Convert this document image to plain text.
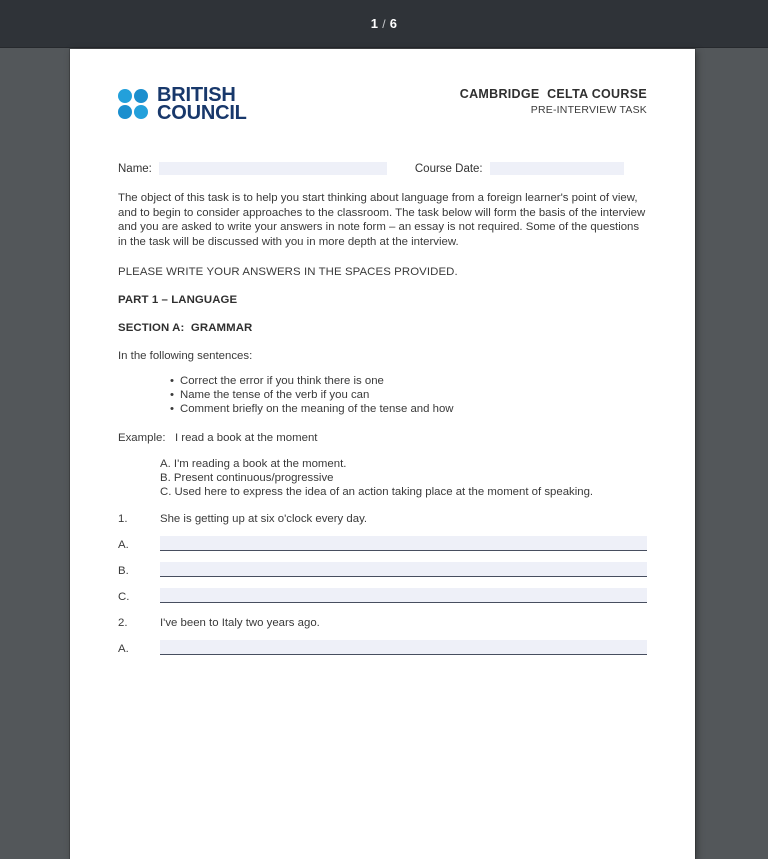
1 / 6
BRITISH
COUNCIL
CAMBRIDGE  CELTA COURSE
PRE-INTERVIEW TASK
Name:	Course Date:
The object of this task is to help you start thinking about language from a foreign learner's point of view, and to begin to consider approaches to the classroom. The task below will form the basis of the interview and you are asked to write your answers in note form – an essay is not required. Some of the questions in the task will be discussed with you in more depth at the interview.
PLEASE WRITE YOUR ANSWERS IN THE SPACES PROVIDED.
PART 1 – LANGUAGE
SECTION A:  GRAMMAR
In the following sentences:
• Correct the error if you think there is one
• Name the tense of the verb if you can
• Comment briefly on the meaning of the tense and how
Example:   I read a book at the moment
A. I'm reading a book at the moment.
B. Present continuous/progressive
C. Used here to express the idea of an action taking place at the moment of speaking.
1.	She is getting up at six o'clock every day.
A.
B.
C.
2.	I've been to Italy two years ago.
A.
